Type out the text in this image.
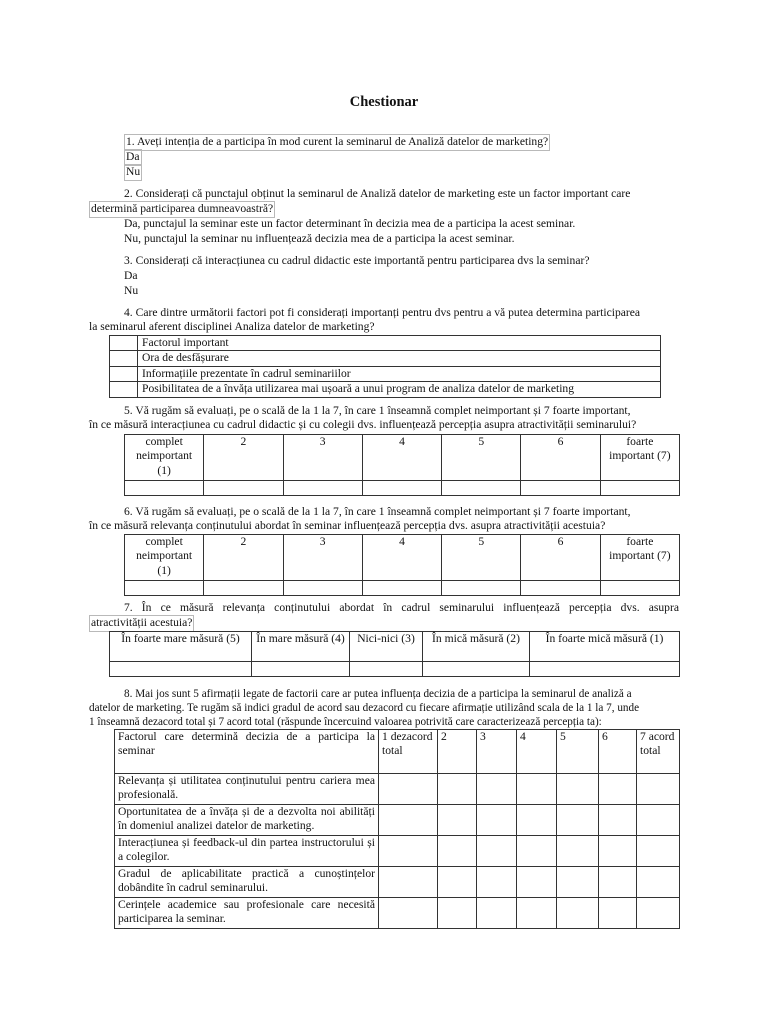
Chestionar
1. Aveți intenția de a participa în mod curent la seminarul de Analiză datelor de marketing?
Da
Nu
2. Considerați că punctajul obținut la seminarul de Analiză datelor de marketing este un factor important care
determină participarea dumneavoastră?
Da, punctajul la seminar este un factor determinant în decizia mea de a participa la acest seminar.
Nu, punctajul la seminar nu influențează decizia mea de a participa la acest seminar.
3. Considerați că interacțiunea cu cadrul didactic este importantă pentru participarea dvs la seminar?
Da
Nu
4. Care dintre următorii factori pot fi considerați importanți pentru dvs pentru a vă putea determina participarea
la seminarul aferent disciplinei Analiza datelor de marketing?
	Factorul important
	Ora de desfășurare
	Informațiile prezentate în cadrul seminariilor
	Posibilitatea de a învăța utilizarea mai ușoară a unui program de analiza datelor de marketing
5. Vă rugăm să evaluați, pe o scală de la 1 la 7, în care 1 înseamnă complet neimportant și 7 foarte important,
în ce măsură interacțiunea cu cadrul didactic și cu colegii dvs. influențează percepția asupra atractivității seminarului?
complet neimportant (1)	2	3	4	5	6	foarte important (7)

6. Vă rugăm să evaluați, pe o scală de la 1 la 7, în care 1 înseamnă complet neimportant și 7 foarte important,
în ce măsură relevanța conținutului abordat în seminar influențează percepția dvs. asupra atractivității acestuia?
complet neimportant (1)	2	3	4	5	6	foarte important (7)

7. În ce măsură relevanța conținutului abordat în cadrul seminarului influențează percepția dvs. asupra
atractivității acestuia?
În foarte mare măsură (5)	În mare măsură (4)	Nici-nici (3)	În mică măsură (2)	În foarte mică măsură (1)

8. Mai jos sunt 5 afirmații legate de factorii care ar putea influența decizia de a participa la seminarul de analiză a
datelor de marketing. Te rugăm să indici gradul de acord sau dezacord cu fiecare afirmație utilizând scala de la 1 la 7, unde
1 înseamnă dezacord total și 7 acord total (răspunde încercuind valoarea potrivită care caracterizează percepția ta):
Factorul care determină decizia de a participa la seminar	1 dezacord total	2	3	4	5	6	7 acord total
Relevanța și utilitatea conținutului pentru cariera mea profesională.							
Oportunitatea de a învăța și de a dezvolta noi abilități în domeniul analizei datelor de marketing.							
Interacțiunea și feedback-ul din partea instructorului și a colegilor.							
Gradul de aplicabilitate practică a cunoștințelor dobândite în cadrul seminarului.							
Cerințele academice sau profesionale care necesită participarea la seminar.							
